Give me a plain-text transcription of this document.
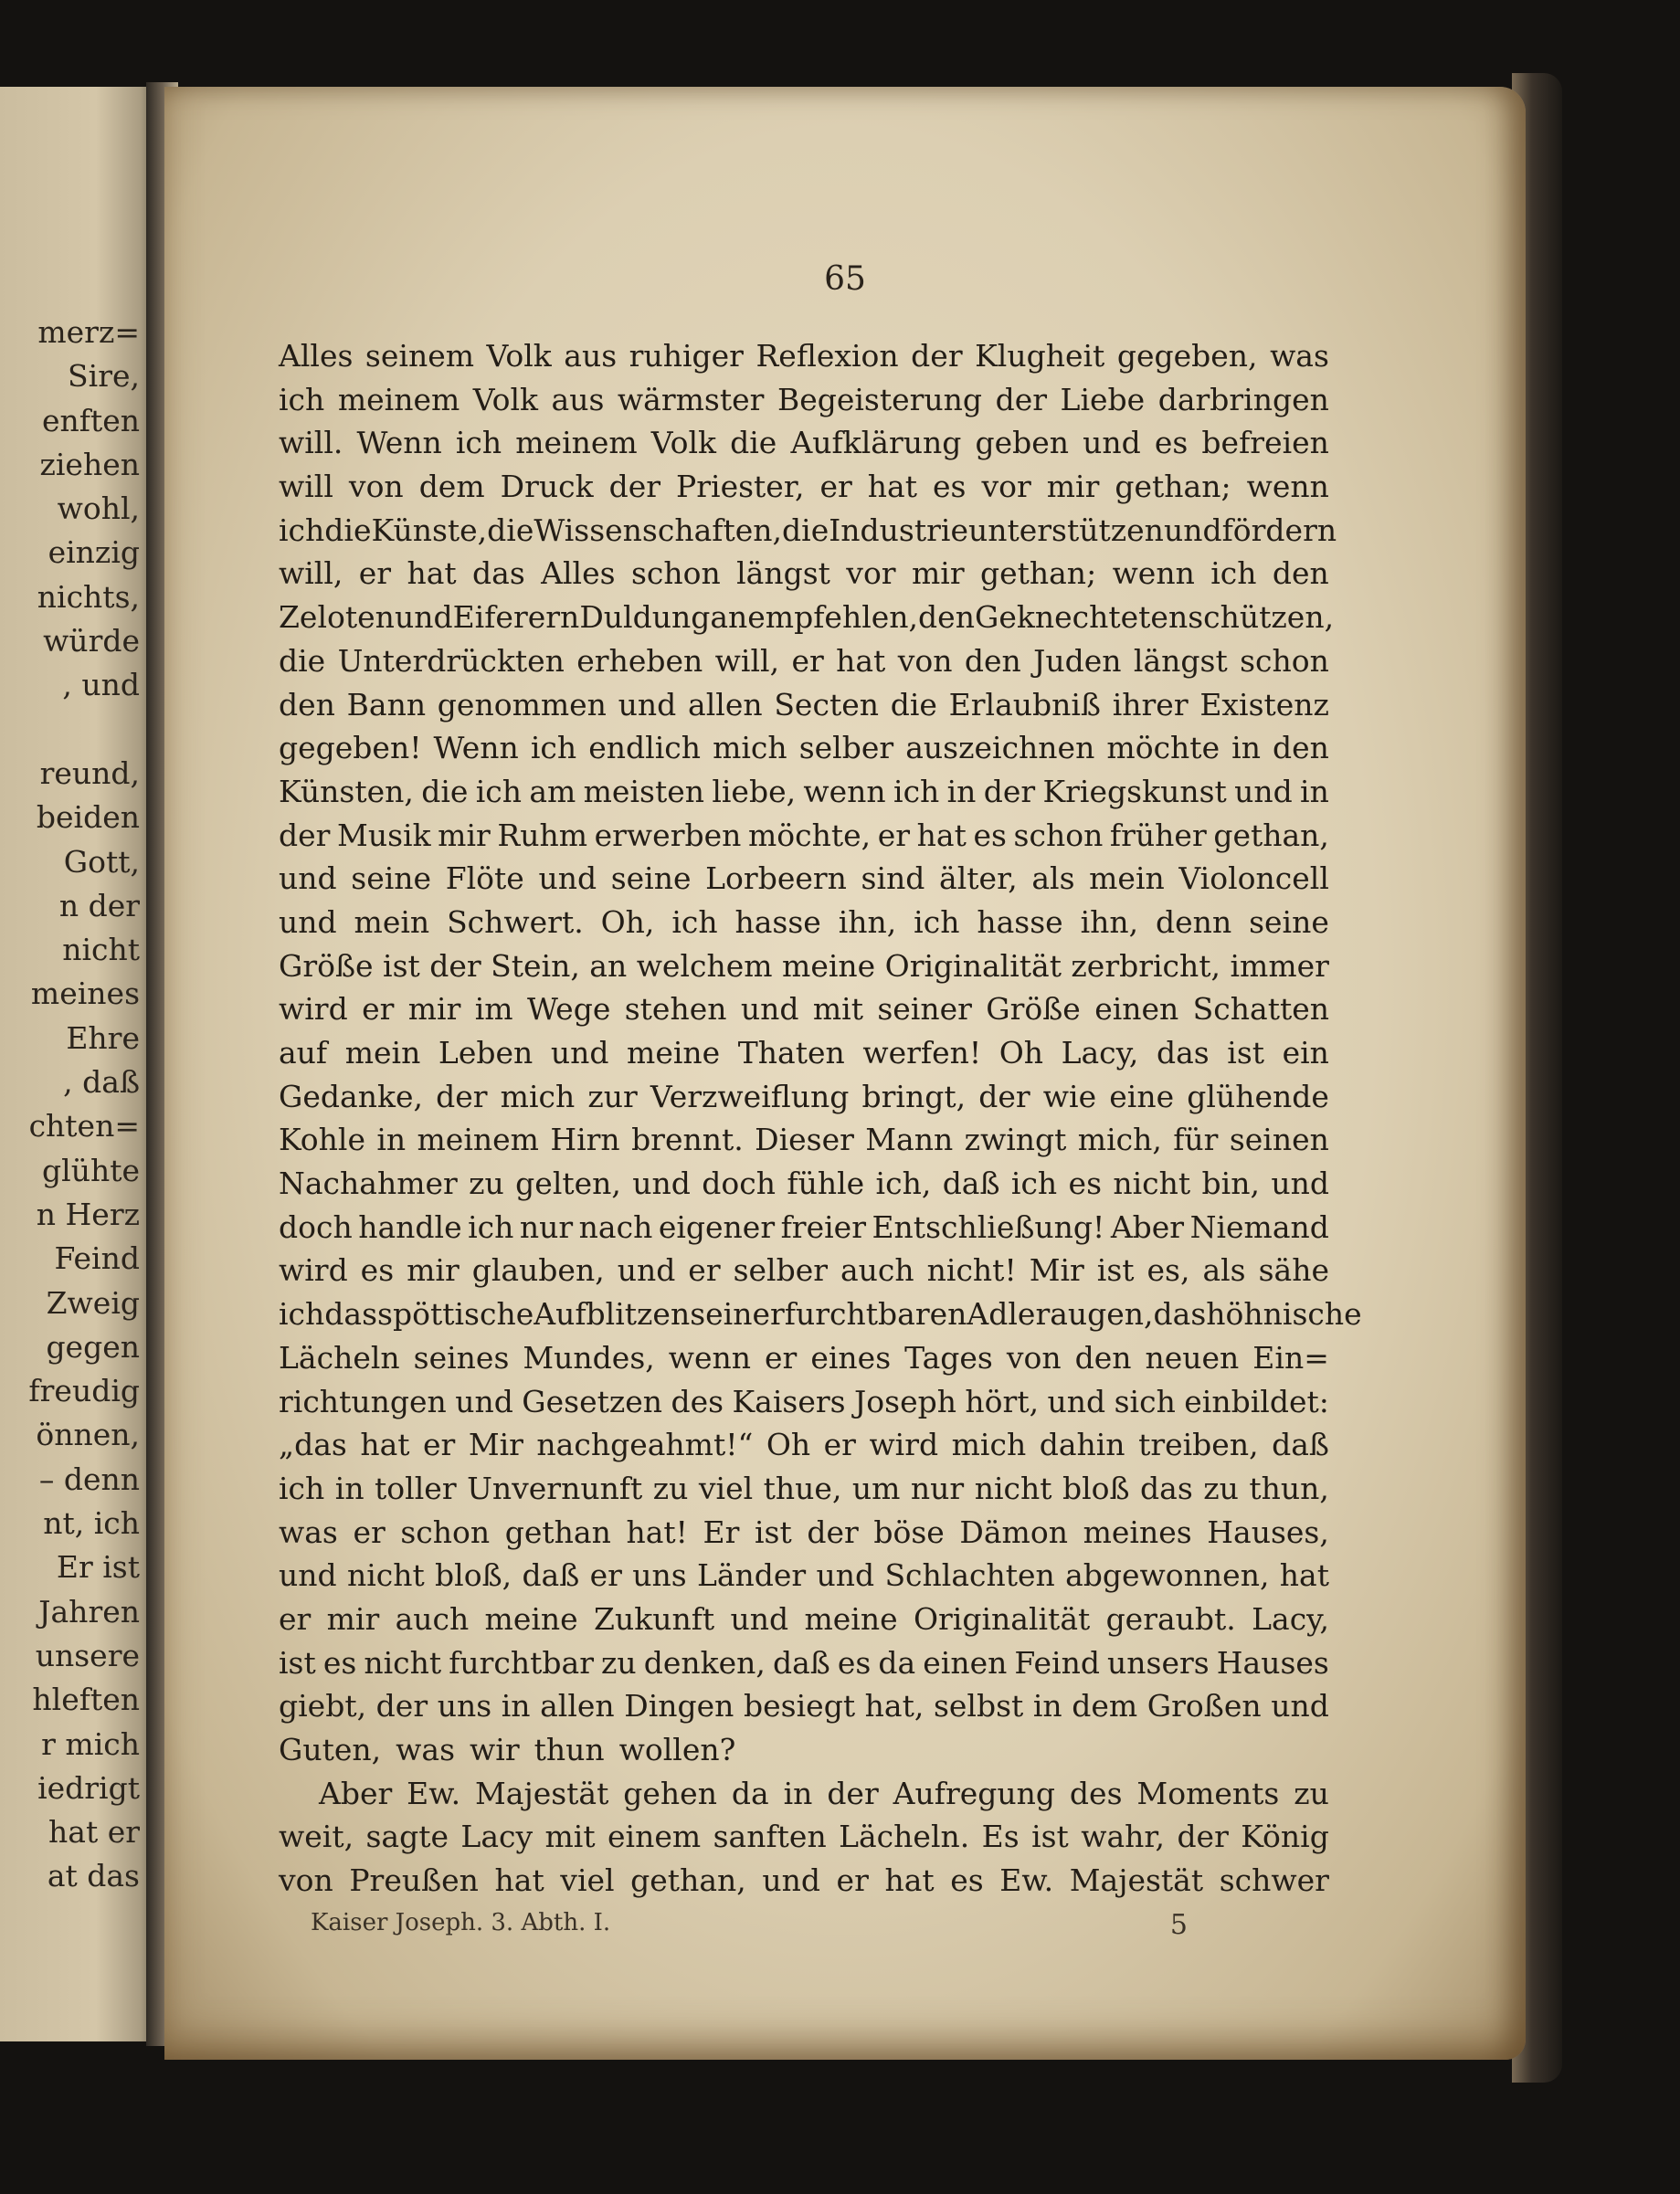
merz=
Sire,
enften
ziehen
wohl,
einzig
nichts,
würde
, und
reund,
beiden
Gott,
n der
nicht
meines
Ehre
, daß
chten=
glühte
n Herz
Feind
Zweig
gegen
freudig
önnen,
– denn
nt, ich
Er ist
Jahren
unsere
hleften
r mich
iedrigt
hat er
at das
65
Alles seinem Volk aus ruhiger Reflexion der Klugheit gegeben, was
ich meinem Volk aus wärmster Begeisterung der Liebe darbringen
will. Wenn ich meinem Volk die Aufklärung geben und es befreien
will von dem Druck der Priester, er hat es vor mir gethan; wenn
ich die Künste, die Wissenschaften, die Industrie unterstützen und fördern
will, er hat das Alles schon längst vor mir gethan; wenn ich den
Zeloten und Eiferern Duldung anempfehlen, den Geknechteten schützen,
die Unterdrückten erheben will, er hat von den Juden längst schon
den Bann genommen und allen Secten die Erlaubniß ihrer Existenz
gegeben! Wenn ich endlich mich selber auszeichnen möchte in den
Künsten, die ich am meisten liebe, wenn ich in der Kriegskunst und in
der Musik mir Ruhm erwerben möchte, er hat es schon früher gethan,
und seine Flöte und seine Lorbeern sind älter, als mein Violoncell
und mein Schwert. Oh, ich hasse ihn, ich hasse ihn, denn seine
Größe ist der Stein, an welchem meine Originalität zerbricht, immer
wird er mir im Wege stehen und mit seiner Größe einen Schatten
auf mein Leben und meine Thaten werfen! Oh Lacy, das ist ein
Gedanke, der mich zur Verzweiflung bringt, der wie eine glühende
Kohle in meinem Hirn brennt. Dieser Mann zwingt mich, für seinen
Nachahmer zu gelten, und doch fühle ich, daß ich es nicht bin, und
doch handle ich nur nach eigener freier Entschließung! Aber Niemand
wird es mir glauben, und er selber auch nicht! Mir ist es, als sähe
ich das spöttische Aufblitzen seiner furchtbaren Adleraugen, das höhnische
Lächeln seines Mundes, wenn er eines Tages von den neuen Ein=
richtungen und Gesetzen des Kaisers Joseph hört, und sich einbildet:
„das hat er Mir nachgeahmt!“ Oh er wird mich dahin treiben, daß
ich in toller Unvernunft zu viel thue, um nur nicht bloß das zu thun,
was er schon gethan hat! Er ist der böse Dämon meines Hauses,
und nicht bloß, daß er uns Länder und Schlachten abgewonnen, hat
er mir auch meine Zukunft und meine Originalität geraubt. Lacy,
ist es nicht furchtbar zu denken, daß es da einen Feind unsers Hauses
giebt, der uns in allen Dingen besiegt hat, selbst in dem Großen und
Guten, was wir thun wollen?
Aber Ew. Majestät gehen da in der Aufregung des Moments zu
weit, sagte Lacy mit einem sanften Lächeln. Es ist wahr, der König
von Preußen hat viel gethan, und er hat es Ew. Majestät schwer
Kaiser Joseph. 3. Abth. I.	5
